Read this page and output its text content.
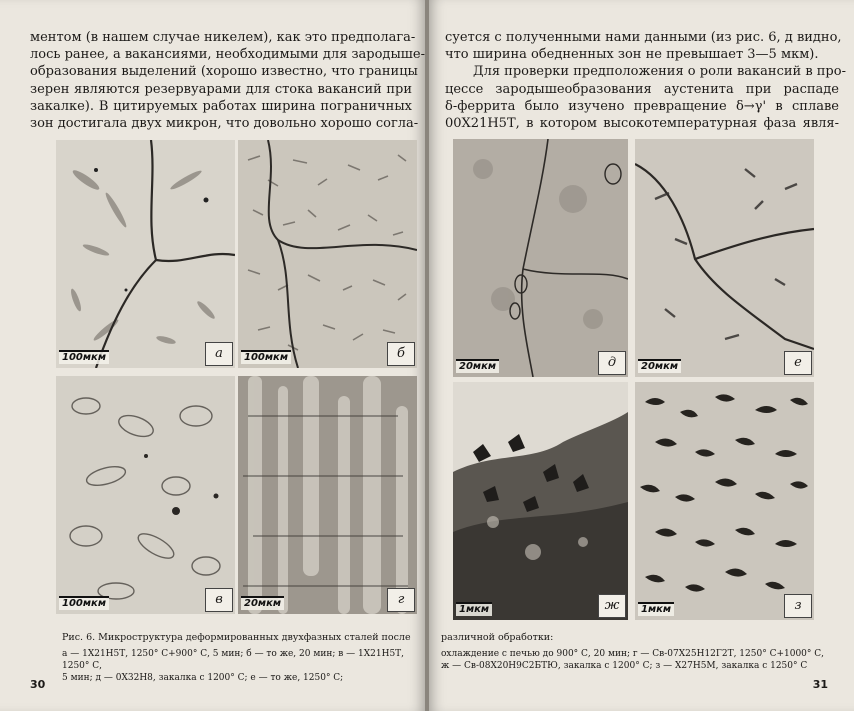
ментом (в нашем случае никелем), как это предполага-
лось ранее, а вакансиями, необходимыми для зародыше-
образования выделений (хорошо известно, что границы
зерен являются резервуарами для стока вакансий при
закалке). В цитируемых работах ширина пограничных
зон достигала двух микрон, что довольно хорошо согла-
100мкм	а	100мкм	б
100мкм	в	20мкм	г
Рис. 6. Микроструктура деформированных двухфазных сталей после
а — 1Х21Н5Т, 1250° С+900° С, 5 мин; б — то же, 20 мин; в — 1Х21Н5Т, 1250° С,
5 мин; д — 0Х32Н8, закалка с 1200° С; е — то же, 1250° С;
30
суется с полученными нами данными (из рис. 6, д видно,
что ширина обедненных зон не превышает 3—5 мкм).
Для проверки предположения о роли вакансий в про-
цессе зародышеобразования аустенита при распаде
δ-феррита было изучено превращение δ→γ' в сплаве
00Х21Н5Т, в котором высокотемпературная фаза явля-
20мкм	д	20мкм	е
1мкм	ж	1мкм	з
различной обработки:
охлаждение с печью до 900° С, 20 мин; г — Св-07Х25Н12Г2Т, 1250° С+1000° С,
ж — Св-08Х20Н9С2БТЮ, закалка с 1200° С; з — Х27Н5М, закалка с 1250° С
31
